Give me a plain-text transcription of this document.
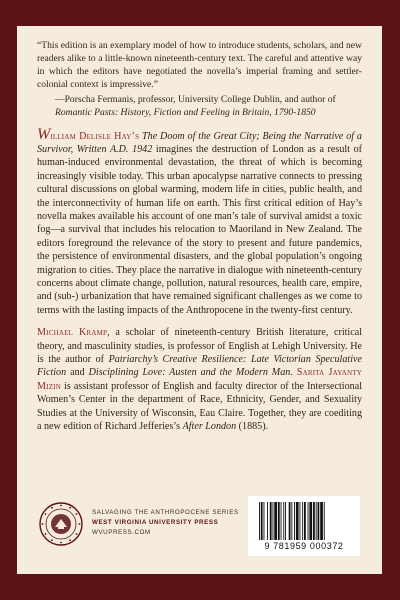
“This edition is an exemplary model of how to introduce students, scholars, and new readers alike to a little-known nineteenth-century text. The careful and attentive way in which the editors have negotiated the novella’s imperial framing and settler-colonial context is impressive.”

—Porscha Fermanis, professor, University College Dublin, and author of Romantic Pasts: History, Fiction and Feeling in Britain, 1790-1850

William Delisle Hay’s The Doom of the Great City; Being the Narrative of a Survivor, Written A.D. 1942 imagines the destruction of London as a result of human-induced environmental devastation, the threat of which is becoming increasingly visible today. This urban apocalypse narrative connects to pressing cultural discussions on global warming, modern life in cities, public health, and the interconnectivity of human life on earth. This first critical edition of Hay’s novella makes available his account of one man’s tale of survival amidst a toxic fog—a survival that includes his relocation to Maoriland in New Zealand. The editors foreground the relevance of the story to present and future pandemics, the persistence of environmental disasters, and the global population’s ongoing migration to cities. They place the narrative in dialogue with nineteenth-century concerns about climate change, pollution, natural resources, health care, empire, and (sub-) urbanization that have remained significant challenges as we come to terms with the lasting impacts of the Anthropocene in the twenty-first century.

Michael Kramp, a scholar of nineteenth-century British literature, critical theory, and masculinity studies, is professor of English at Lehigh University. He is the author of Patriarchy’s Creative Resilience: Late Victorian Speculative Fiction and Disciplining Love: Austen and the Modern Man. Sarita Jayanty Mizin is assistant professor of English and faculty director of the Intersectional Women’s Center in the department of Race, Ethnicity, Gender, and Sexuality Studies at the University of Wisconsin, Eau Claire. Together, they are coediting a new edition of Richard Jefferies’s After London (1885).

SALVAGING THE ANTHROPOCENE SERIES
WEST VIRGINIA UNIVERSITY PRESS
WVUPRESS.COM
9 781959 000372
